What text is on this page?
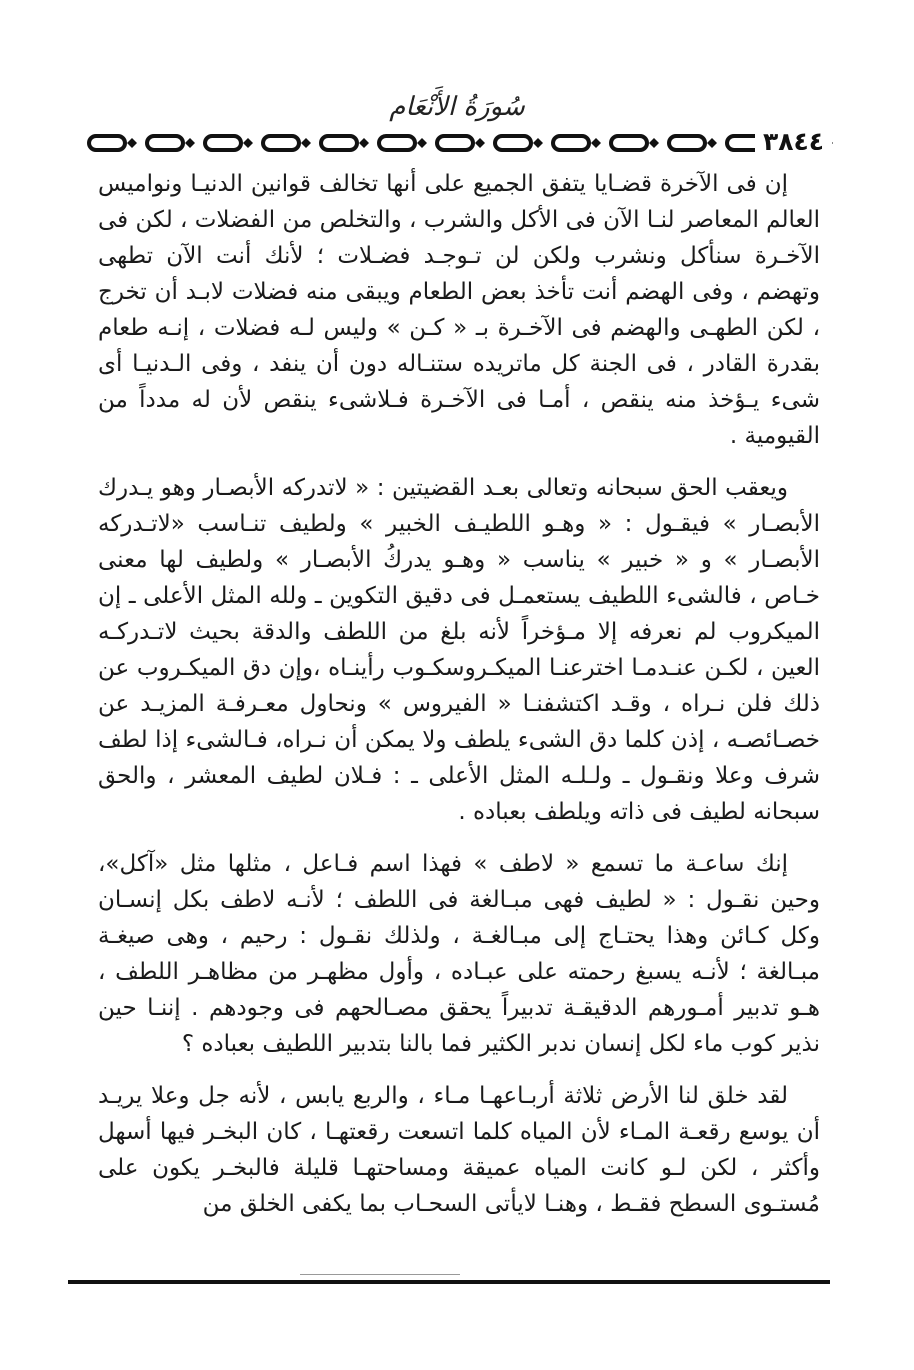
سُورَةُ الأَنْعَام
٣٨٤٤

إن فى الآخرة قضـايا يتفق الجميع على أنها تخالف قوانين الدنيـا ونواميس العالم المعاصر لنـا الآن فى الأكل والشرب ، والتخلص من الفضلات ، لكن فى الآخـرة سنأكل ونشرب ولكن لن تـوجـد فضـلات ؛ لأنك أنت الآن تطهى وتهضم ، وفى الهضم أنت تأخذ بعض الطعام ويبقى منه فضلات لابـد أن تخرج ، لكن الطهـى والهضم فى الآخـرة بـ « كـن » وليس لـه فضلات ، إنـه طعام بقدرة القادر ، فى الجنة كل ماتريده ستنـاله دون أن ينفد ، وفى الـدنيـا أى شىء يـؤخذ منه ينقص ، أمـا فى الآخـرة فـلاشىء ينقص لأن له مدداً من القيومية .

ويعقب الحق سبحانه وتعالى بعـد القضيتين : « لاتدركه الأبصـار وهو يـدرك الأبصـار » فيقـول : « وهـو اللطيـف الخبير » ولطيف تنـاسب «لاتـدركه الأبصـار » و « خبير » يناسب « وهـو يدركُ الأبصـار » ولطيف لها معنى خـاص ، فالشىء اللطيف يستعمـل فى دقيق التكوين ـ ولله المثل الأعلى ـ إن الميكروب لم نعرفه إلا مـؤخراً لأنه بلغ من اللطف والدقة بحيث لاتـدركـه العين ، لكـن عنـدمـا اخترعنـا الميكـروسكـوب رأينـاه ،وإن دق الميكـروب عن ذلك فلن نـراه ، وقـد اكتشفنـا « الفيروس » ونحاول معـرفـة المزيـد عن خصـائصـه ، إذن كلما دق الشىء يلطف ولا يمكن أن نـراه، فـالشىء إذا لطف شرف وعلا ونقـول ـ ولـلـه المثل الأعلى ـ : فـلان لطيف المعشر ، والحق سبحانه لطيف فى ذاته ويلطف بعباده .

إنك ساعـة ما تسمع « لاطف » فهذا اسم فـاعل ، مثلها مثل «آكل»، وحين نقـول : « لطيف فهى مبـالغة فى اللطف ؛ لأنـه لاطف بكل إنسـان وكل كـائن وهذا يحتـاج إلى مبـالغـة ، ولذلك نقـول : رحيم ، وهى صيغـة مبـالغة ؛ لأنـه يسبغ رحمته على عبـاده ، وأول مظهـر من مظاهـر اللطف ، هـو تدبير أمـورهم الدقيقـة تدبيراً يحقق مصـالحهم فى وجودهم . إننـا حين نذير كوب ماء لكل إنسان ندبر الكثير فما بالنا بتدبير اللطيف بعباده ؟

لقد خلق لنا الأرض ثلاثة أربـاعهـا مـاء ، والربع يابس ، لأنه جل وعلا يريـد أن يوسع رقعـة المـاء لأن المياه كلما اتسعت رقعتهـا ، كان البخـر فيها أسهل وأكثر ، لكن لـو كانت المياه عميقة ومساحتهـا قليلة فالبخـر يكون على مُستـوى السطح فقـط ، وهنـا لايأتى السحـاب بما يكفى الخلق من
